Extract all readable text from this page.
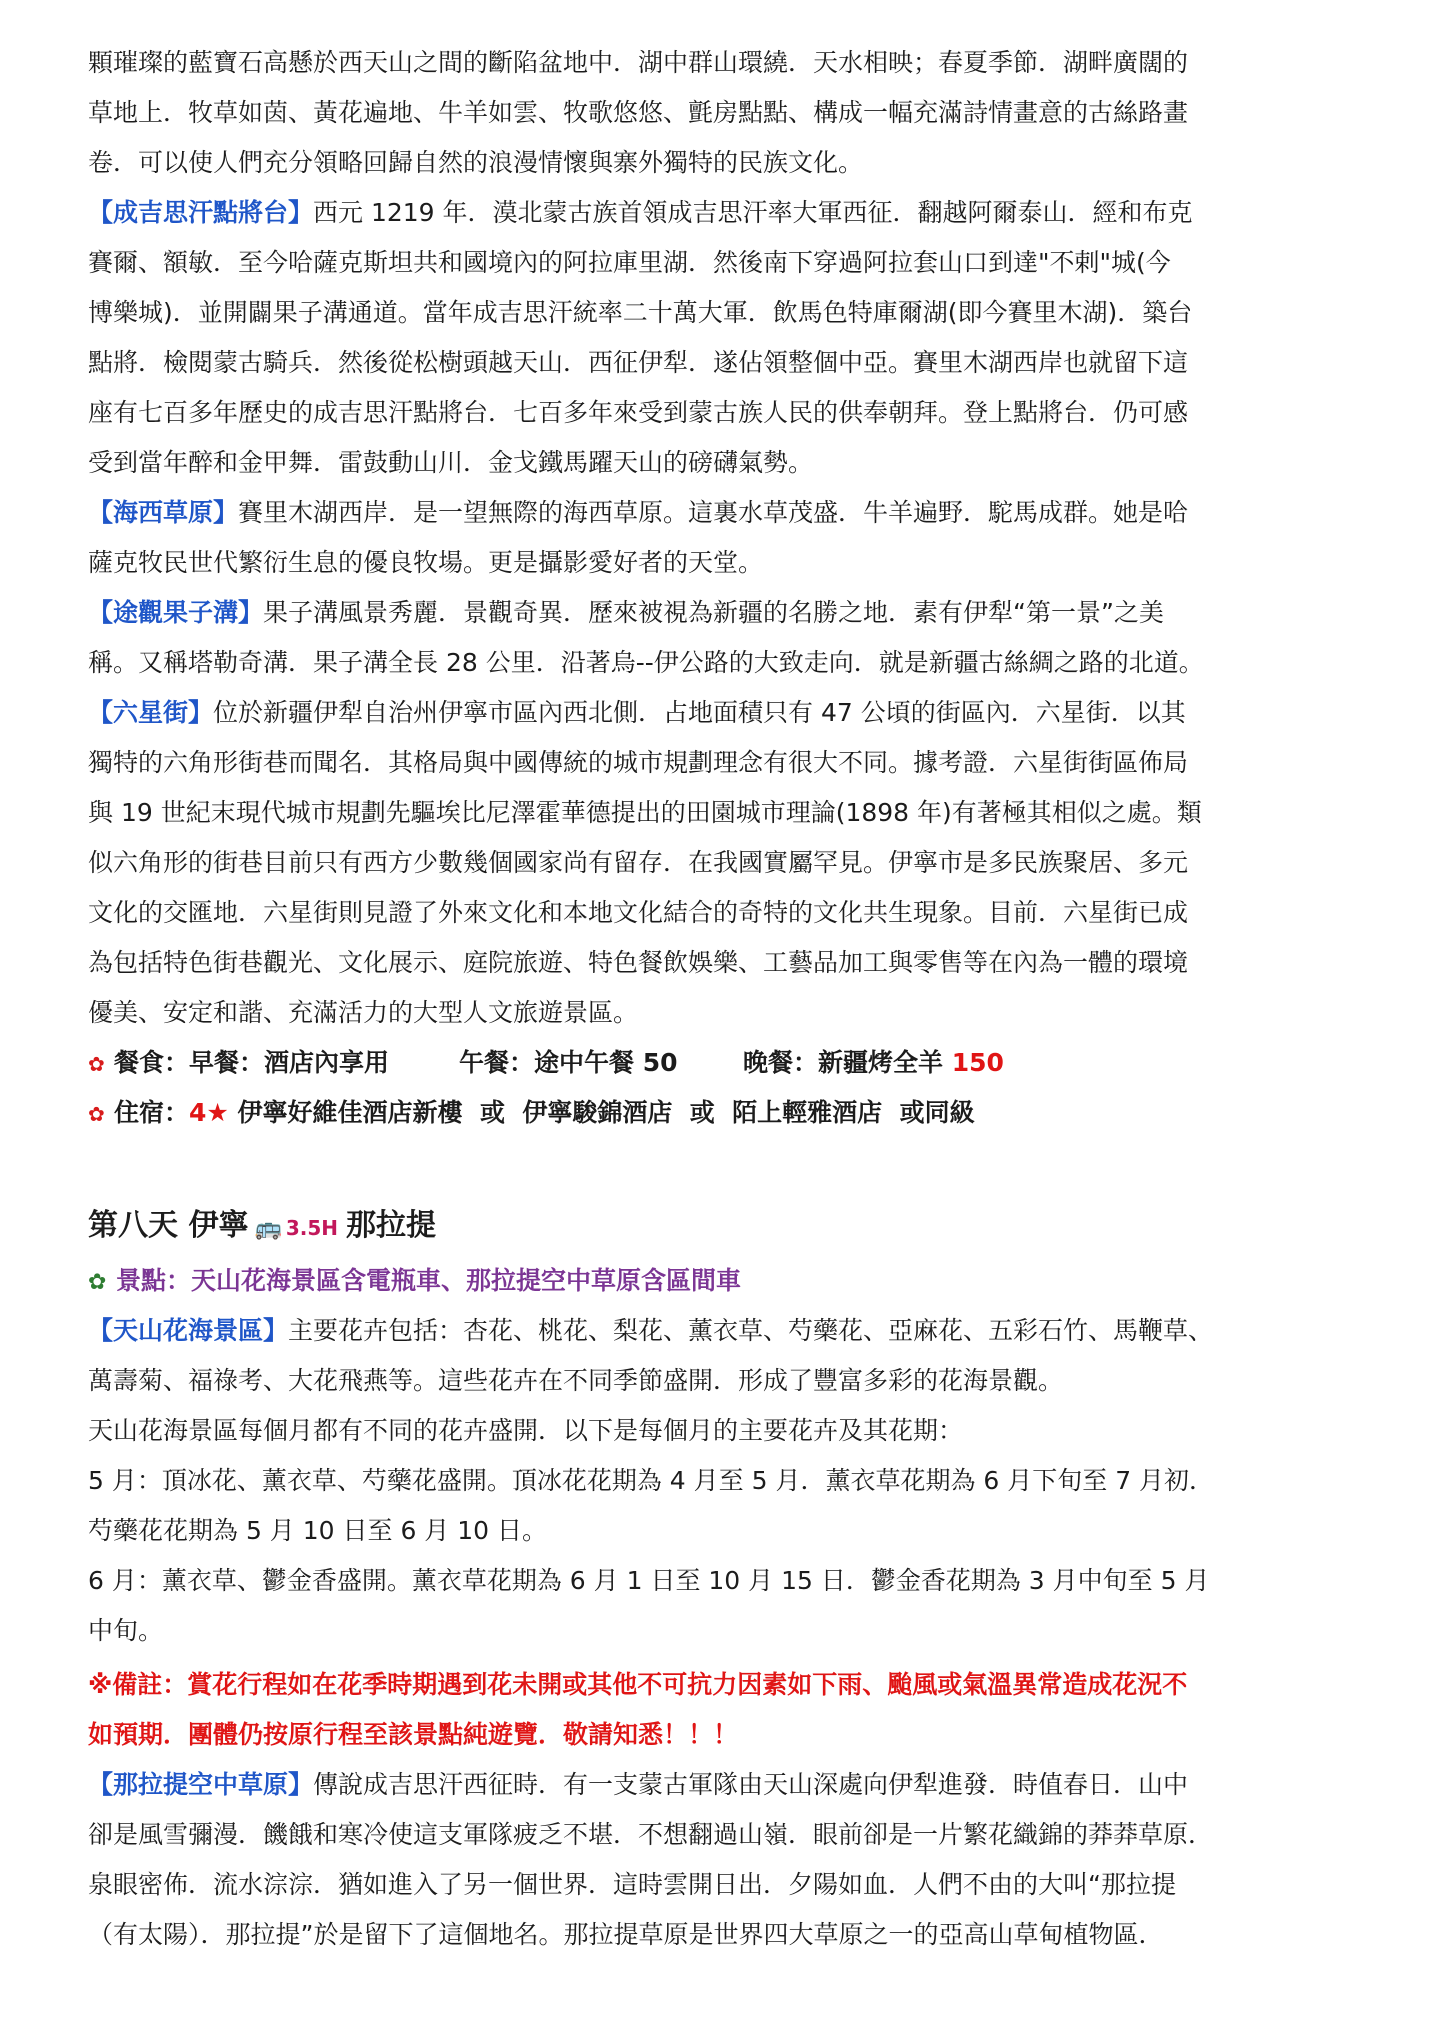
顆璀璨的藍寶石高懸於西天山之間的斷陷盆地中．湖中群山環繞．天水相映；春夏季節．湖畔廣闊的

草地上．牧草如茵、黃花遍地、牛羊如雲、牧歌悠悠、氈房點點、構成一幅充滿詩情畫意的古絲路畫

卷．可以使人們充分領略回歸自然的浪漫情懷與寨外獨特的民族文化。

【成吉思汗點將台】西元 1219 年．漠北蒙古族首領成吉思汗率大軍西征．翻越阿爾泰山．經和布克

賽爾、額敏．至今哈薩克斯坦共和國境內的阿拉庫里湖．然後南下穿過阿拉套山口到達"不剌"城(今

博樂城)．並開闢果子溝通道。當年成吉思汗統率二十萬大軍．飲馬色特庫爾湖(即今賽里木湖)．築台

點將．檢閱蒙古騎兵．然後從松樹頭越天山．西征伊犁．遂佔領整個中亞。賽里木湖西岸也就留下這

座有七百多年歷史的成吉思汗點將台．七百多年來受到蒙古族人民的供奉朝拜。登上點將台．仍可感

受到當年醉和金甲舞．雷鼓動山川．金戈鐵馬躍天山的磅礴氣勢。

【海西草原】賽里木湖西岸．是一望無際的海西草原。這裏水草茂盛．牛羊遍野．駝馬成群。她是哈

薩克牧民世代繁衍生息的優良牧場。更是攝影愛好者的天堂。

【途觀果子溝】果子溝風景秀麗．景觀奇異．歷來被視為新疆的名勝之地．素有伊犁“第一景”之美

稱。又稱塔勒奇溝．果子溝全長 28 公里．沿著烏--伊公路的大致走向．就是新疆古絲綢之路的北道。

【六星街】位於新疆伊犁自治州伊寧市區內西北側．占地面積只有 47 公頃的街區內．六星街．以其

獨特的六角形街巷而聞名．其格局與中國傳統的城市規劃理念有很大不同。據考證．六星街街區佈局

與 19 世紀末現代城市規劃先驅埃比尼澤霍華德提出的田園城市理論(1898 年)有著極其相似之處。類

似六角形的街巷目前只有西方少數幾個國家尚有留存．在我國實屬罕見。伊寧市是多民族聚居、多元

文化的交匯地．六星街則見證了外來文化和本地文化結合的奇特的文化共生現象。目前．六星街已成

為包括特色街巷觀光、文化展示、庭院旅遊、特色餐飲娛樂、工藝品加工與零售等在內為一體的環境

優美、安定和諧、充滿活力的大型人文旅遊景區。

✿ 餐食：早餐：酒店內享用	午餐：途中午餐 50	晚餐：新疆烤全羊 150

✿ 住宿：4★ 伊寧好維佳酒店新樓  或  伊寧駿錦酒店  或  陌上輕雅酒店  或同級

第八天 伊寧 🚌 3.5H 那拉提

✿ 景點：天山花海景區含電瓶車、那拉提空中草原含區間車

【天山花海景區】主要花卉包括：杏花、桃花、梨花、薰衣草、芍藥花、亞麻花、五彩石竹、馬鞭草、

萬壽菊、福祿考、大花飛燕等。這些花卉在不同季節盛開．形成了豐富多彩的花海景觀。

天山花海景區每個月都有不同的花卉盛開．以下是每個月的主要花卉及其花期：

5 月：頂冰花、薰衣草、芍藥花盛開。頂冰花花期為 4 月至 5 月．薰衣草花期為 6 月下旬至 7 月初．

芍藥花花期為 5 月 10 日至 6 月 10 日。

6 月：薰衣草、鬱金香盛開。薰衣草花期為 6 月 1 日至 10 月 15 日．鬱金香花期為 3 月中旬至 5 月

中旬。

※備註：賞花行程如在花季時期遇到花未開或其他不可抗力因素如下雨、颱風或氣溫異常造成花況不

如預期．團體仍按原行程至該景點純遊覽．敬請知悉！！！

【那拉提空中草原】傳說成吉思汗西征時．有一支蒙古軍隊由天山深處向伊犁進發．時值春日．山中

卻是風雪彌漫．饑餓和寒冷使這支軍隊疲乏不堪．不想翻過山嶺．眼前卻是一片繁花織錦的莽莽草原．

泉眼密佈．流水淙淙．猶如進入了另一個世界．這時雲開日出．夕陽如血．人們不由的大叫“那拉提

（有太陽）．那拉提”於是留下了這個地名。那拉提草原是世界四大草原之一的亞高山草甸植物區．
